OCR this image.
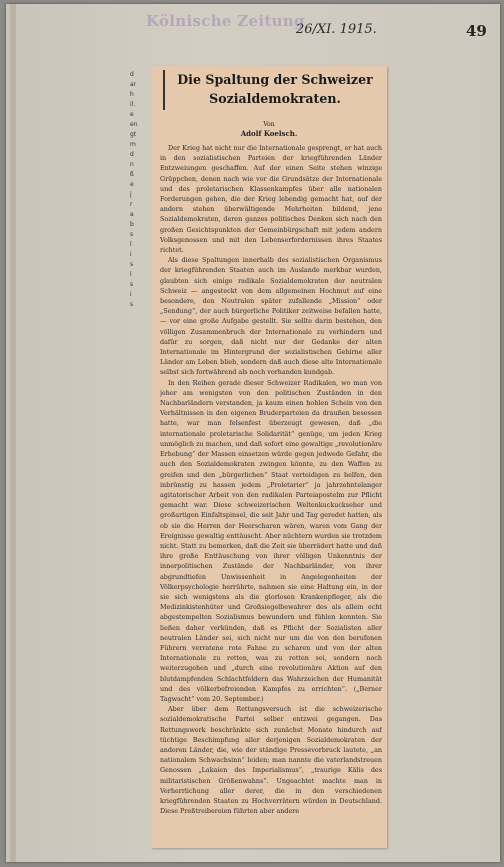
Kölnische Zeitung
26/XI. 1915.	49
d
ar
h
il.
e
en
gt
m
d
n
ß
e
j
r
a
b
s
l
i
s
l
s
i
s
Die Spaltung der Schweizer Sozialdemokraten.
Von
Adolf Koelsch.

Der Krieg hat nicht nur die Internationale gesprengt, er hat auch in den sozialistischen Parteien der kriegführenden Länder Entzweiungen geschaffen. Auf der einen Seite stehen winzige Grüppchen, denen nach wie vor die Grundsätze der Internationale und des proletarischen Klassenkampfes über alle nationalen Forderungen gehen, die der Krieg lebendig gemacht hat, auf der andern stehen überwältigende Mehrheiten bildend, jene Sozialdemokraten, deren ganzes politisches Denken sich nach den großen Gesichtspunkten der Gemeinbürgschaft mit jedem andern Volksgenossen und mit den Lebenserfordernissen ihres Staates richtet.

Als diese Spaltungen innerhalb des sozialistischen Organismus der kriegführenden Staaten auch im Auslande merkbar wurden, glaubten sich einige radikale Sozialdemokraten der neutralen Schweiz — angesteckt von dem allgemeinen Hochmut auf eine besondere, den Neutralen später zufallende „Mission“ oder „Sendung“, der auch bürgerliche Politiker zeitweise befallen hatte, — vor eine große Aufgabe gestellt. Sie sollte darin bestehen, den völligen Zusammenbruch der Internationale zu verhindern und dafür zu sorgen, daß nicht nur der Gedanke der alten Internationale im Hintergrund der sozialistischen Gehirne aller Länder am Leben blieb, sondern daß auch diese alte Internationale selbst sich fortwährend als noch vorhanden kundgab.

In den Reihen gerade dieser Schweizer Radikalen, wo man von jeher am wenigsten von den politischen Zuständen in den Nachbarländern verstanden, ja kaum einen hohlen Schein von den Verhältnissen in den eigenen Bruderparteien da draußen besessen hatte, war man felsenfest überzeugt gewesen, daß „die internationale proletarische Solidarität“ genüge, um jeden Krieg unmöglich zu machen, und daß sofort eine gewaltige „revolutionäre Erhebung“ der Massen einsetzen würde gegen jedwede Gefahr, die auch den Sozialdemokraten zwingen könnte, zu den Waffen zu greifen und den „bürgerlichen“ Staat verteidigen zu helfen, den inbrünstig zu hassen jedem „Proletarier“ ja jahrzehntelanger agitatorischer Arbeit von den radikalen Parteiapostelm zur Pflicht gemacht war. Diese schweizerischen Weltenkuckuckseher und großartigen Einfaltspinsel, die seit Jahr und Tag geredet hatten, als ob sie die Herren der Heerscharen wären, waren vom Gang der Ereignisse gewaltig enttäuscht. Aber nüchtern wurden sie trotzdem nicht. Statt zu bemerken, daß die Zeit sie überrädert hatte und daß ihre große Enttäuschung von ihrer völligen Unkenntnis der innerpolitischen Zustände der Nachbarländer, von ihrer abgrundtiefen Unwissenheit in Angelegenheiten der Völkerpsychologie herrührte, nahmen sie eine Haltung ein, in der sie sich wenigstens als die glorlosen Krankenpfleger, als die Medizinkistenhüter und Großsiegelbewahrer des als allein echt abgestempelten Sozialismus bewundern und fühlen konnten. Sie ließen daher verkünden, daß es Pflicht der Sozialisten aller neutralen Länder sei, sich nicht nur um die von den berufenen Führern verratene rote Fahne zu scharen und von der alten Internationale zu retten, was zu retten sei, sondern noch weiterzugehen und „durch eine revolutionäre Aktion auf den blutdampfenden Schlachtfeldern das Wahrzeichen der Humanität und des völkerbefreienden Kampfes zu errichten“. („Berner Tagwacht“ vom 20. September.)

Aber über dem Rettungsversuch ist die schweizerische sozialdemokratische Partei selber entzwei gegangen. Das Rettungswerk beschränkte sich zunächst Monate hindurch auf tüchtige Beschimpfung aller derjenigen Sozialdemokraten der anderen Länder, die, wie der ständige Pressevorbruck lautete, „an nationalem Schwachsinn“ leiden; man nannte die vaterlandstreuen Genossen „Lakaien des Imperialismus“, „traurige Kälis des militaristischen Größenwahns“. Ungeachtet machte man in Verherrlichung aller derer, die in den verschiedenen kriegführenden Staaten zu Hochverrätern würden in Deutschland. Diese Preßtreibereien führten aber andere
